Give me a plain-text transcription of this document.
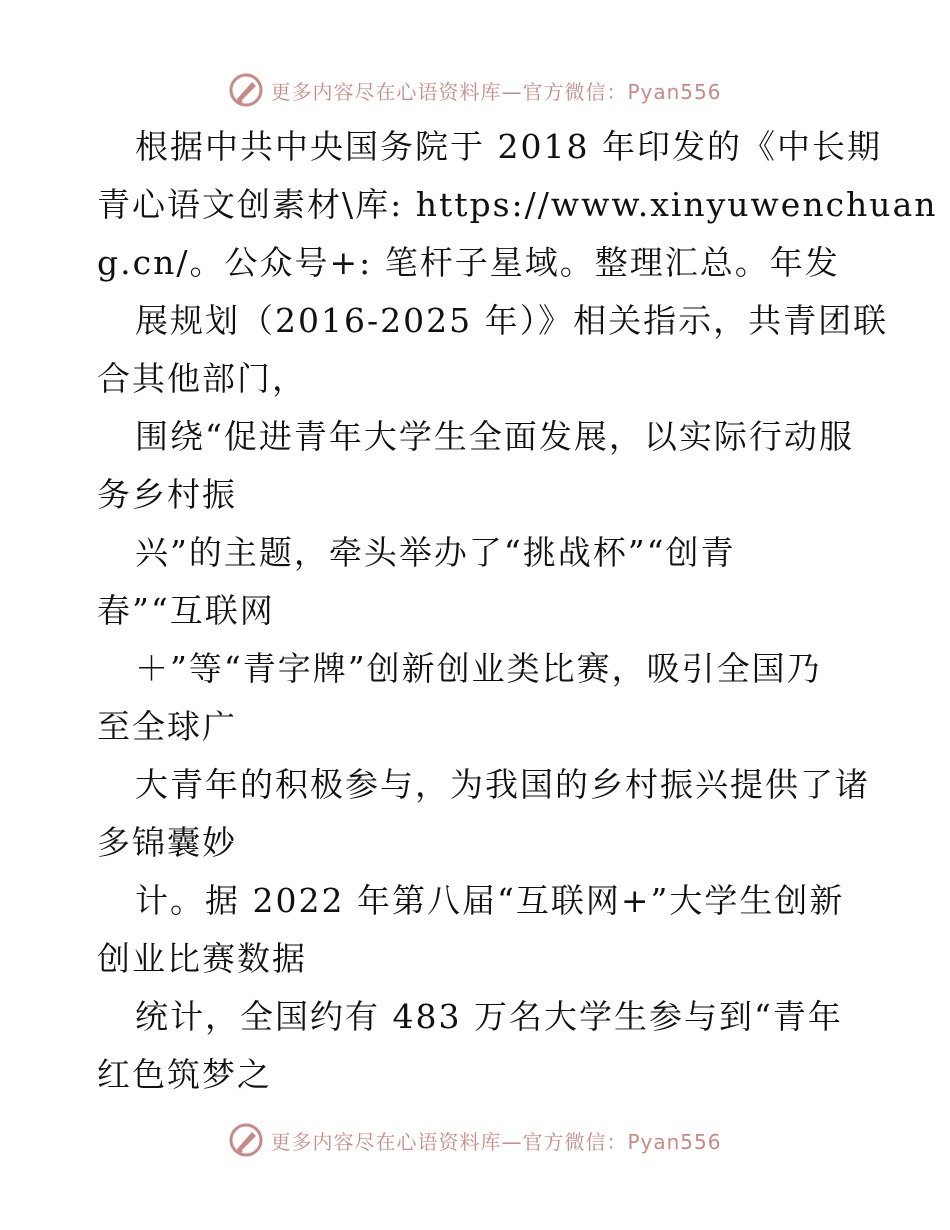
更多内容尽在心语资料库—官方微信：Pyan556
根据中共中央国务院于 2018 年印发的《中长期
青心语文创素材\库: https://www.xinyuwenchuan
g.cn/。公众号+: 笔杆子星域。整理汇总。年发
展规划（2016-2025 年）》相关指示，共青团联
合其他部门，
围绕“促进青年大学生全面发展，以实际行动服
务乡村振
兴”的主题，牵头举办了“挑战杯”“创青
春”“互联网
＋”等“青字牌”创新创业类比赛，吸引全国乃
至全球广
大青年的积极参与，为我国的乡村振兴提供了诸
多锦囊妙
计。据 2022 年第八届“互联网+”大学生创新
创业比赛数据
统计，全国约有 483 万名大学生参与到“青年
红色筑梦之
更多内容尽在心语资料库—官方微信：Pyan556
